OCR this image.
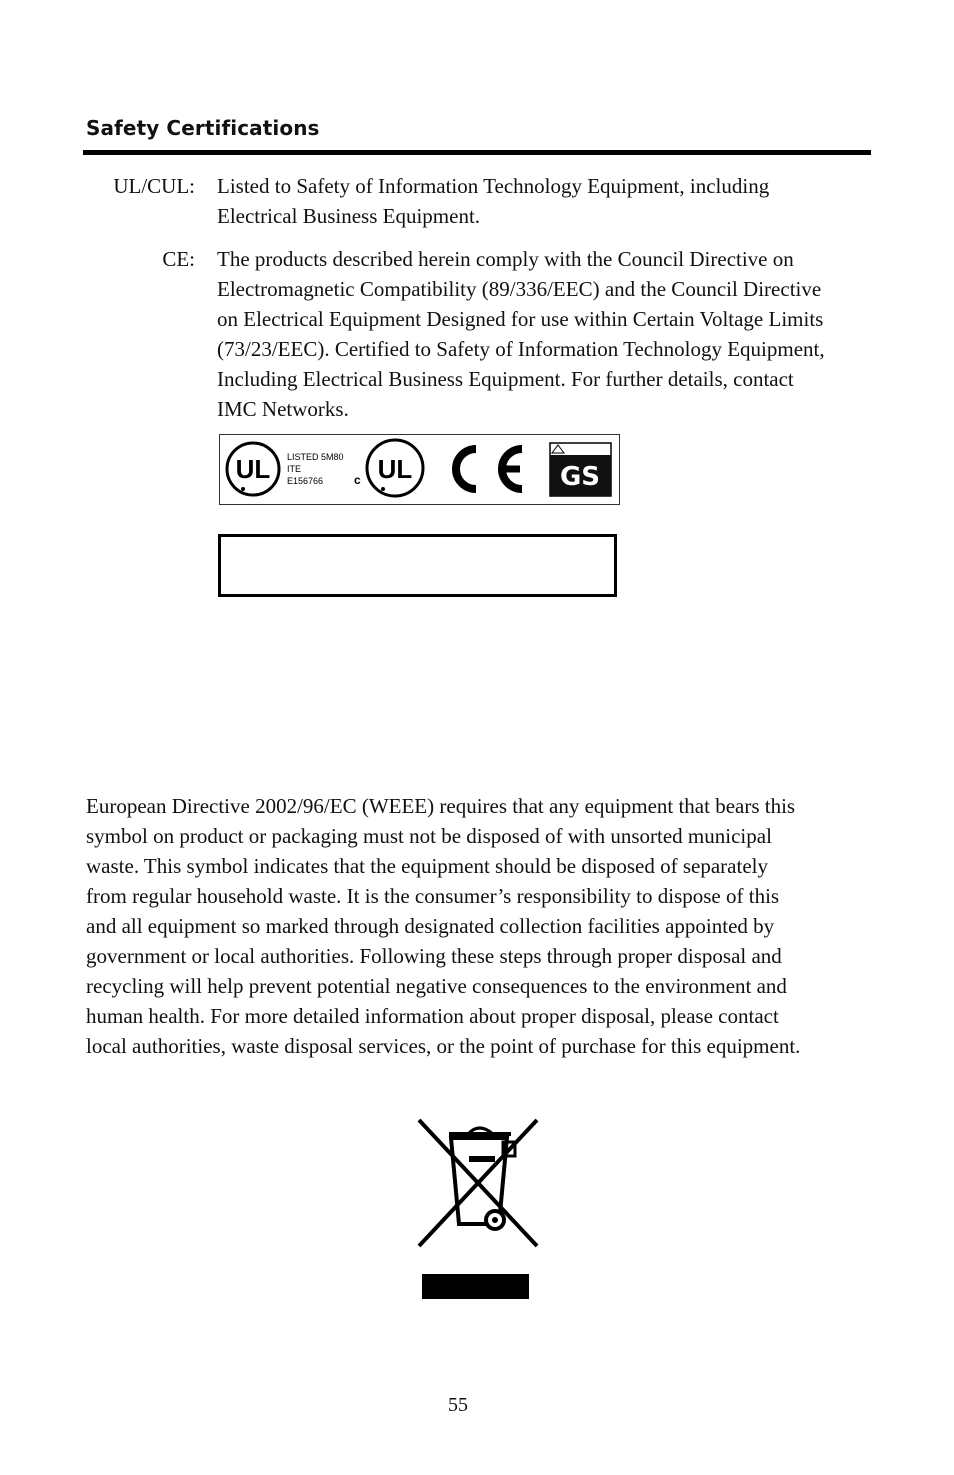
Safety Certifications
UL/CUL: Listed to Safety of Information Technology Equipment, including
Electrical Business Equipment.
CE: The products described herein comply with the Council Directive on
Electromagnetic Compatibility (89/336/EEC) and the Council Directive
on Electrical Equipment Designed for use within Certain Voltage Limits
(73/23/EEC). Certified to Safety of Information Technology Equipment,
Including Electrical Business Equipment. For further details, contact
IMC Networks.
UL LISTED 5M80
ITE
E156766	c UL	GS
European Directive 2002/96/EC (WEEE) requires that any equipment that bears this
symbol on product or packaging must not be disposed of with unsorted municipal
waste. This symbol indicates that the equipment should be disposed of separately
from regular household waste. It is the consumer’s responsibility to dispose of this
and all equipment so marked through designated collection facilities appointed by
government or local authorities. Following these steps through proper disposal and
recycling will help prevent potential negative consequences to the environment and
human health. For more detailed information about proper disposal, please contact
local authorities, waste disposal services, or the point of purchase for this equipment.
55
